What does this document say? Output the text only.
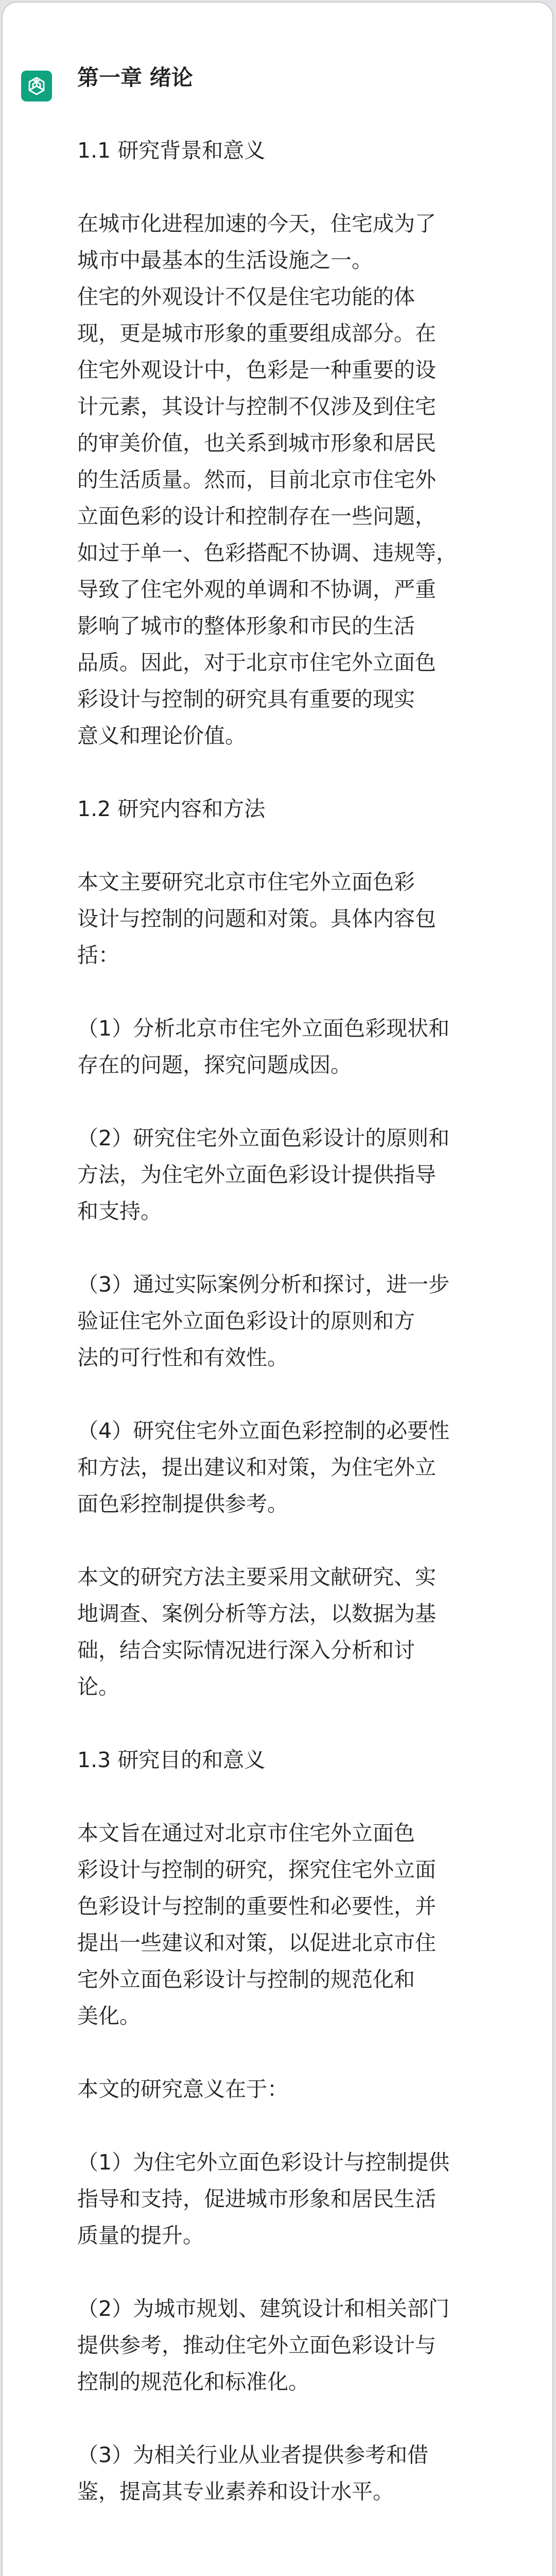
第一章 绪论
1.1 研究背景和意义
在城市化进程加速的今天，住宅成为了
城市中最基本的生活设施之一。
住宅的外观设计不仅是住宅功能的体
现，更是城市形象的重要组成部分。在
住宅外观设计中，色彩是一种重要的设
计元素，其设计与控制不仅涉及到住宅
的审美价值，也关系到城市形象和居民
的生活质量。然而，目前北京市住宅外
立面色彩的设计和控制存在一些问题，
如过于单一、色彩搭配不协调、违规等，
导致了住宅外观的单调和不协调，严重
影响了城市的整体形象和市民的生活
品质。因此，对于北京市住宅外立面色
彩设计与控制的研究具有重要的现实
意义和理论价值。
1.2 研究内容和方法
本文主要研究北京市住宅外立面色彩
设计与控制的问题和对策。具体内容包
括：
（1）分析北京市住宅外立面色彩现状和
存在的问题，探究问题成因。
（2）研究住宅外立面色彩设计的原则和
方法，为住宅外立面色彩设计提供指导
和支持。
（3）通过实际案例分析和探讨，进一步
验证住宅外立面色彩设计的原则和方
法的可行性和有效性。
（4）研究住宅外立面色彩控制的必要性
和方法，提出建议和对策，为住宅外立
面色彩控制提供参考。
本文的研究方法主要采用文献研究、实
地调查、案例分析等方法，以数据为基
础，结合实际情况进行深入分析和讨
论。
1.3 研究目的和意义
本文旨在通过对北京市住宅外立面色
彩设计与控制的研究，探究住宅外立面
色彩设计与控制的重要性和必要性，并
提出一些建议和对策，以促进北京市住
宅外立面色彩设计与控制的规范化和
美化。
本文的研究意义在于：
（1）为住宅外立面色彩设计与控制提供
指导和支持，促进城市形象和居民生活
质量的提升。
（2）为城市规划、建筑设计和相关部门
提供参考，推动住宅外立面色彩设计与
控制的规范化和标准化。
（3）为相关行业从业者提供参考和借
鉴，提高其专业素养和设计水平。
